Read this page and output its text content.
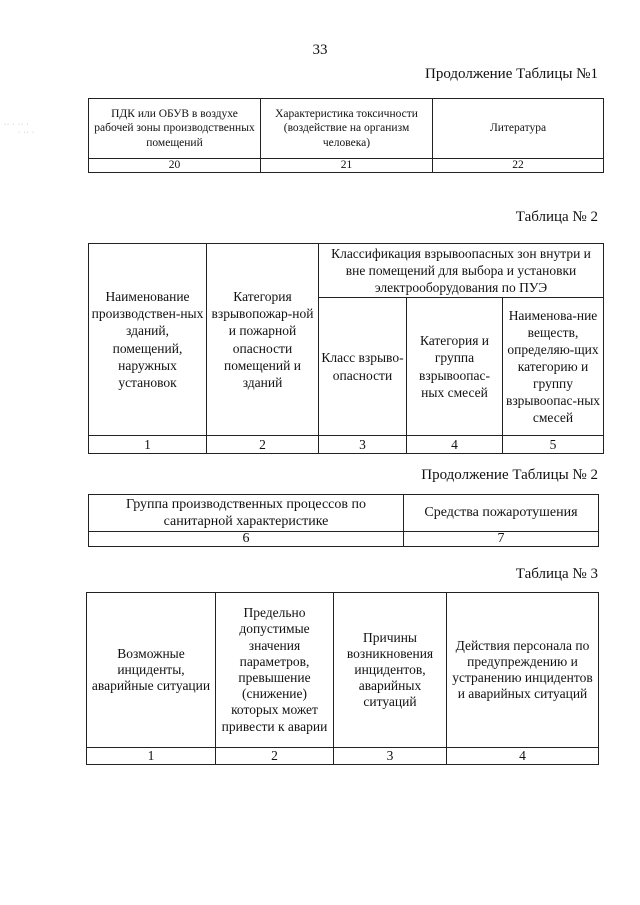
33
·· · ·· ·
· ·· ·
Продолжение Таблицы №1
ПДК или ОБУВ в воздухе рабочей зоны производственных помещений	Характеристика токсичности (воздействие на организм человека)	Литература
20	21	22
Таблица № 2
Наименование производствен-ных зданий, помещений, наружных установок	Категория взрывопожар-ной и пожарной опасности помещений и зданий	Классификация взрывоопасных зон внутри и вне помещений для выбора и установки электрооборудования по ПУЭ		
		Класс взрыво-опасности	Категория и группа взрывоопас-ных смесей	Наименова-ние веществ, определяю-щих категорию и группу взрывоопас-ных смесей
1	2	3	4	5
Продолжение Таблицы № 2
Группа производственных процессов по санитарной характеристике	Средства пожаротушения
6	7
Таблица № 3
Возможные инциденты, аварийные ситуации	Предельно допустимые значения параметров, превышение (снижение) которых может привести к аварии	Причины возникновения инцидентов, аварийных ситуаций	Действия персонала по предупреждению и устранению инцидентов и аварийных ситуаций
1	2	3	4
